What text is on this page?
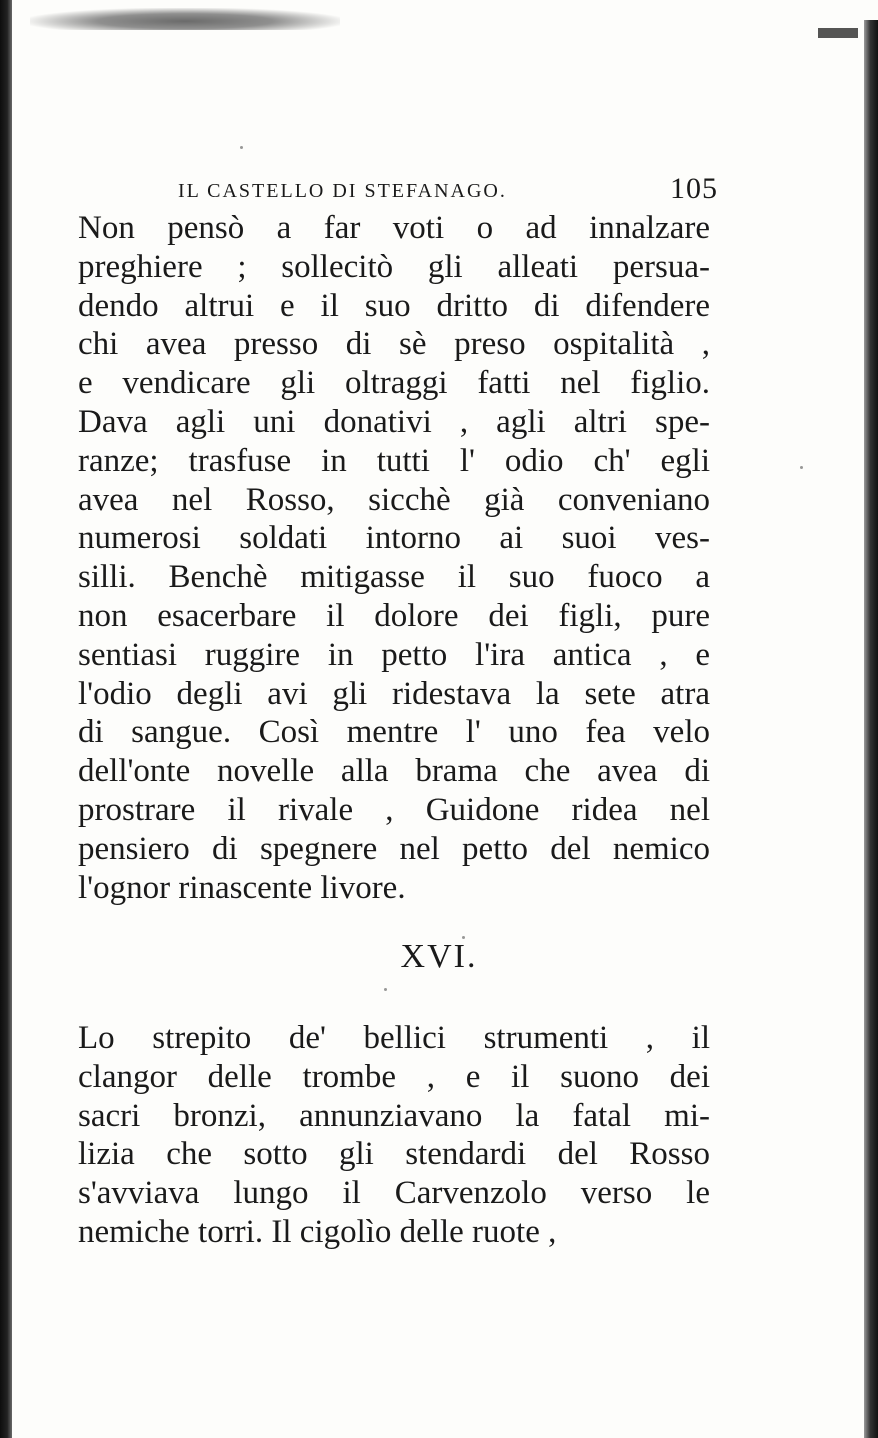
IL CASTELLO DI STEFANAGO.	105
Non pensò a far voti o ad innalzare
preghiere ; sollecitò gli alleati persua-
dendo altrui e il suo dritto di difendere
chi avea presso di sè preso ospitalità ,
e vendicare gli oltraggi fatti nel figlio.
Dava agli uni donativi , agli altri spe-
ranze; trasfuse in tutti l' odio ch' egli
avea nel Rosso, sicchè già conveniano
numerosi soldati intorno ai suoi ves-
silli. Benchè mitigasse il suo fuoco a
non esacerbare il dolore dei figli, pure
sentiasi ruggire in petto l'ira antica , e
l'odio degli avi gli ridestava la sete atra
di sangue. Così mentre l' uno fea velo
dell'onte novelle alla brama che avea di
prostrare il rivale , Guidone ridea nel
pensiero di spegnere nel petto del nemico
l'ognor rinascente livore.
XVI.
Lo strepito de' bellici strumenti , il
clangor delle trombe , e il suono dei
sacri bronzi, annunziavano la fatal mi-
lizia che sotto gli stendardi del Rosso
s'avviava lungo il Carvenzolo verso le
nemiche torri. Il cigolìo delle ruote ,
